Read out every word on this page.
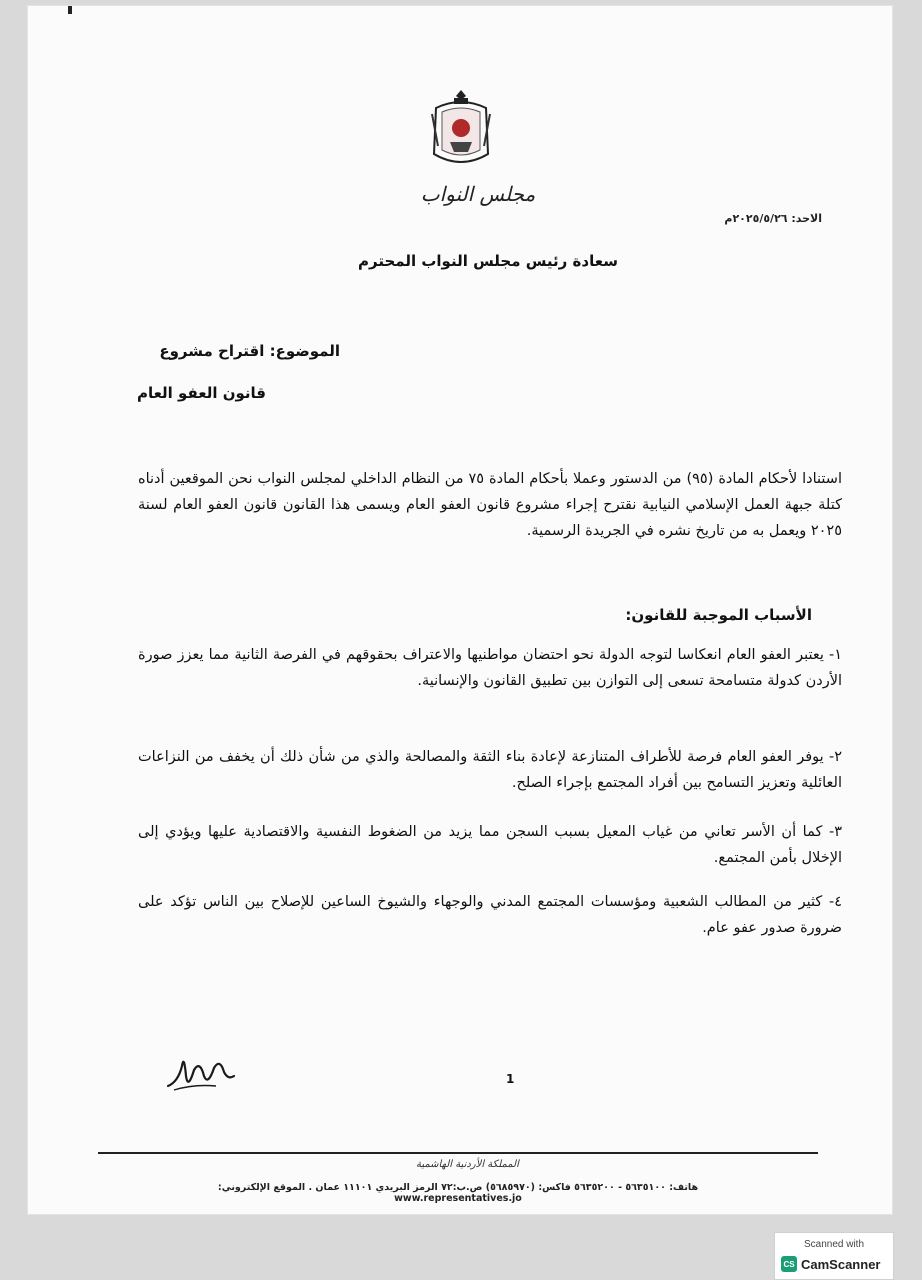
مجلس النواب
الاحد: ٢٠٢٥/٥/٢٦م
سعادة رئيس مجلس النواب المحترم
الموضوع: اقتراح مشروع
قانون العفو العام
استنادا لأحكام المادة (٩٥) من الدستور وعملا بأحكام المادة ٧٥ من النظام الداخلي لمجلس النواب نحن الموقعين أدناه كتلة جبهة العمل الإسلامي النيابية نقترح إجراء مشروع قانون العفو العام ويسمى هذا القانون قانون العفو العام لسنة ٢٠٢٥ ويعمل به من تاريخ نشره في الجريدة الرسمية.
الأسباب الموجبة للقانون:
١- يعتبر العفو العام انعكاسا لتوجه الدولة نحو احتضان مواطنيها والاعتراف بحقوقهم في الفرصة الثانية مما يعزز صورة الأردن كدولة متسامحة تسعى إلى التوازن بين تطبيق القانون والإنسانية.
٢- يوفر العفو العام فرصة للأطراف المتنازعة لإعادة بناء الثقة والمصالحة والذي من شأن ذلك أن يخفف من النزاعات العائلية وتعزيز التسامح بين أفراد المجتمع بإجراء الصلح.
٣- كما أن الأسر تعاني من غياب المعيل بسبب السجن مما يزيد من الضغوط النفسية والاقتصادية عليها ويؤدي إلى الإخلال بأمن المجتمع.
٤- كثير من المطالب الشعبية ومؤسسات المجتمع المدني والوجهاء والشيوخ الساعين للإصلاح بين الناس تؤكد على ضرورة صدور عفو عام.
1
المملكة الأردنية الهاشمية
هاتف: ٥٦٣٥١٠٠ - ٥٦٣٥٢٠٠ فاكس: (٥٦٨٥٩٧٠) ص.ب:٧٢ الرمز البريدي ١١١٠١ عمان . الموقع الإلكتروني: www.representatives.jo
Scanned with
CS CamScanner
